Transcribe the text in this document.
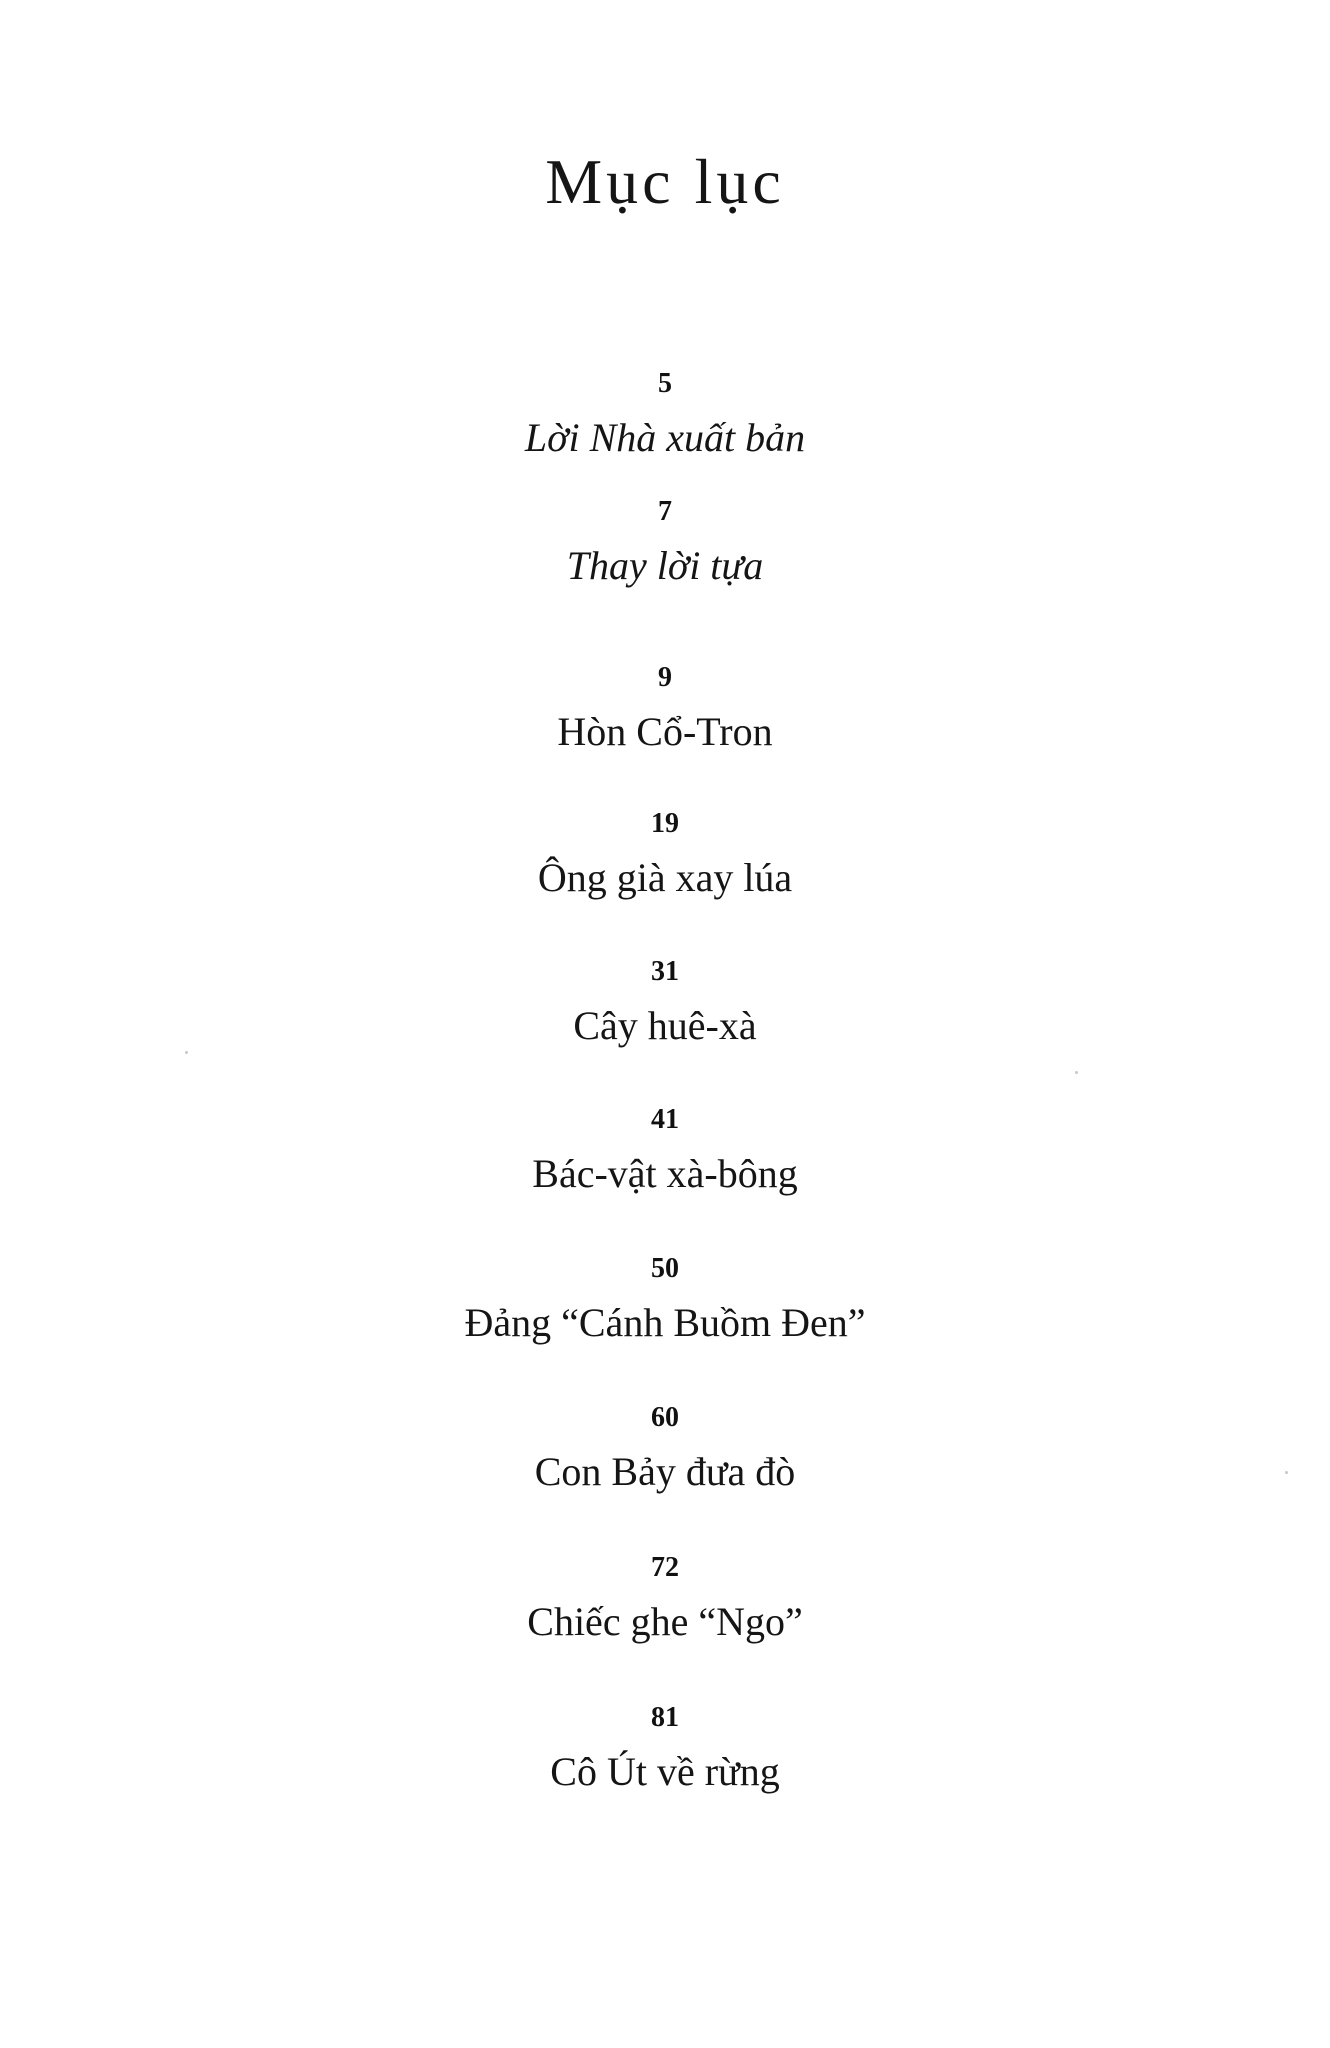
Mục lục
5
Lời Nhà xuất bản
7
Thay lời tựa
9
Hòn Cổ-Tron
19
Ông già xay lúa
31
Cây huê-xà
41
Bác-vật xà-bông
50
Đảng “Cánh Buồm Đen”
60
Con Bảy đưa đò
72
Chiếc ghe “Ngo”
81
Cô Út về rừng
